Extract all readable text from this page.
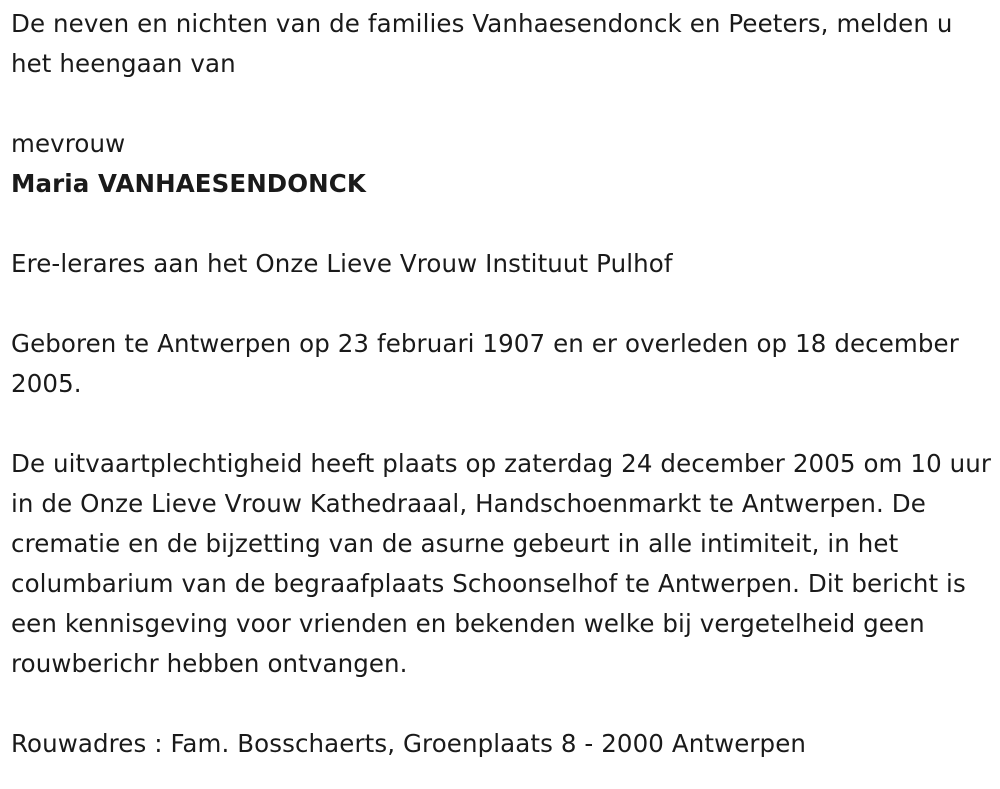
De neven en nichten van de families Vanhaesendonck en Peeters, melden u het heengaan van

mevrouw

Maria VANHAESENDONCK

Ere-lerares aan het Onze Lieve Vrouw Instituut Pulhof

Geboren te Antwerpen op 23 februari 1907 en er overleden op 18 december 2005.

De uitvaartplechtigheid heeft plaats op zaterdag 24 december 2005 om 10 uur in de Onze Lieve Vrouw Kathedraaal, Handschoenmarkt te Antwerpen. De crematie en de bijzetting van de asurne gebeurt in alle intimiteit, in het columbarium van de begraafplaats Schoonselhof te Antwerpen. Dit bericht is een kennisgeving voor vrienden en bekenden welke bij vergetelheid geen rouwberichr hebben ontvangen.

Rouwadres : Fam. Bosschaerts, Groenplaats 8 - 2000 Antwerpen
